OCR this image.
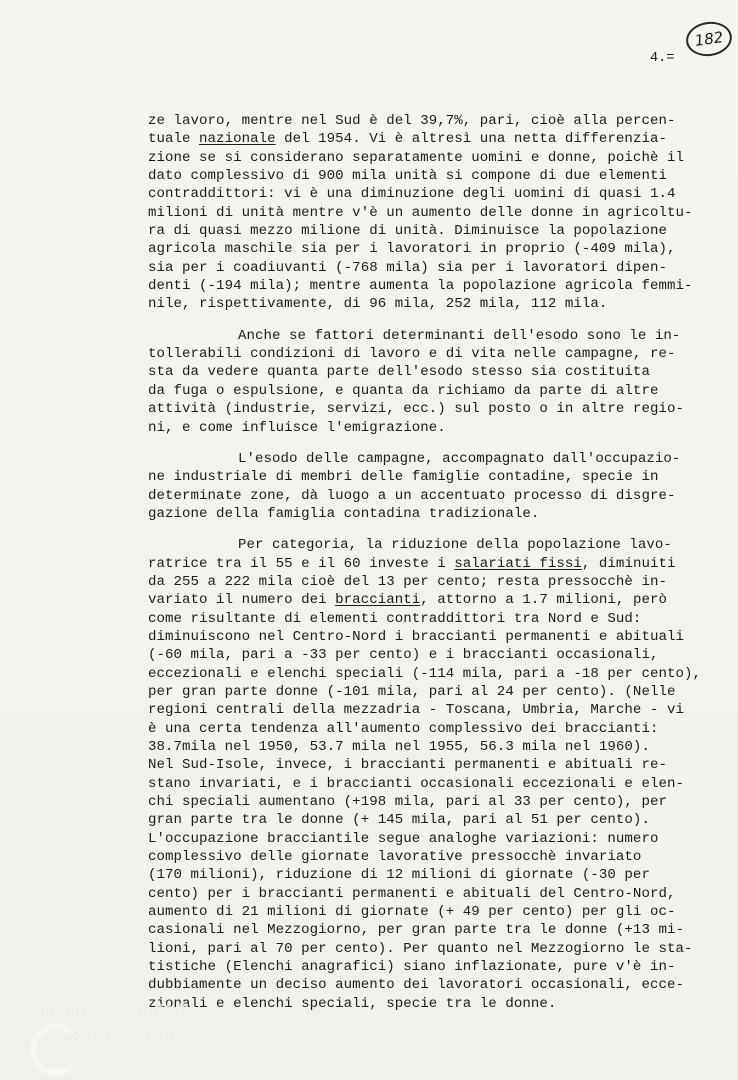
182
4.=
ze lavoro, mentre nel Sud è del 39,7%, pari, cioè alla percen-
tuale nazionale del 1954. Vi è altresì una netta differenzia-
zione se si considerano separatamente uomini e donne, poichè il
dato complessivo di 900 mila unità si compone di due elementi
contraddittori: vi è una diminuzione degli uomini di quasi 1.4
milioni di unità mentre v'è un aumento delle donne in agricoltu-
ra di quasi mezzo milione di unità. Diminuisce la popolazione
agricola maschile sia per i lavoratori in proprio (-409 mila),
sia per i coadiuvanti (-768 mila) sia per i lavoratori dipen-
denti (-194 mila); mentre aumenta la popolazione agricola femmi-
nile, rispettivamente, di 96 mila, 252 mila, 112 mila.
Anche se fattori determinanti dell'esodo sono le in-
tollerabili condizioni di lavoro e di vita nelle campagne, re-
sta da vedere quanta parte dell'esodo stesso sia costituita
da fuga o espulsione, e quanta da richiamo da parte di altre
attività (industrie, servizi, ecc.) sul posto o in altre regio-
ni, e come influisce l'emigrazione.
L'esodo delle campagne, accompagnato dall'occupazio-
ne industriale di membri delle famiglie contadine, specie in
determinate zone, dà luogo a un accentuato processo di disgre-
gazione della famiglia contadina tradizionale.
Per categoria, la riduzione della popolazione lavo-
ratrice tra il 55 e il 60 investe i salariati fissi, diminuiti
da 255 a 222 mila cioè del 13 per cento; resta pressocchè in-
variato il numero dei braccianti, attorno a 1.7 milioni, però
come risultante di elementi contraddittori tra Nord e Sud:
diminuiscono nel Centro-Nord i braccianti permanenti e abituali
(-60 mila, pari a -33 per cento) e i braccianti occasionali,
eccezionali e elenchi speciali (-114 mila, pari a -18 per cento),
per gran parte donne (-101 mila, pari al 24 per cento). (Nelle
regioni centrali della mezzadria - Toscana, Umbria, Marche - vi
è una certa tendenza all'aumento complessivo dei braccianti:
38.7mila nel 1950, 53.7 mila nel 1955, 56.3 mila nel 1960).
Nel Sud-Isole, invece, i braccianti permanenti e abituali re-
stano invariati, e i braccianti occasionali eccezionali e elen-
chi speciali aumentano (+198 mila, pari al 33 per cento), per
gran parte tra le donne (+ 145 mila, pari al 51 per cento).
L'occupazione bracciantile segue analoghe variazioni: numero
complessivo delle giornate lavorative pressocchè invariato
(170 milioni), riduzione di 12 milioni di giornate (-30 per
cento) per i braccianti permanenti e abituali del Centro-Nord,
aumento di 21 milioni di giornate (+ 49 per cento) per gli oc-
casionali nel Mezzogiorno, per gran parte tra le donne (+13 mi-
lioni, pari al 70 per cento). Per quanto nel Mezzogiorno le sta-
tistiche (Elenchi anagrafici) siano inflazionate, pure v'è in-
dubbiamente un deciso aumento dei lavoratori occasionali, ecce-
zionali e elenchi speciali, specie tra le donne.
FONDAZIONE
GRAMSCI
